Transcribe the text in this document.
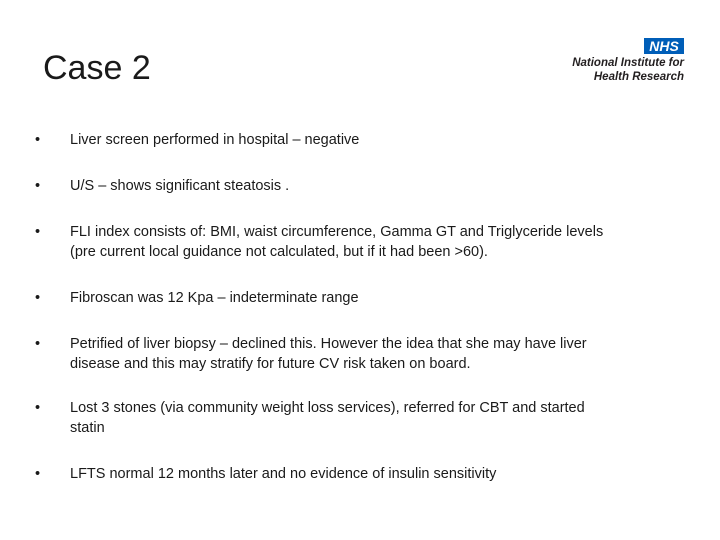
Case 2
NHS
National Institute for
Health Research
• Liver screen performed in hospital – negative
• U/S – shows significant steatosis .
• FLI index consists of: BMI, waist circumference, Gamma GT and Triglyceride levels
(pre current local guidance not calculated, but if it had been >60).
• Fibroscan was 12 Kpa – indeterminate range
• Petrified of liver biopsy – declined this. However the idea that she may have liver
disease and this may stratify for future CV risk taken on board.
• Lost 3 stones (via community weight loss services), referred for CBT and started
statin
• LFTS normal 12 months later and no evidence of insulin sensitivity
